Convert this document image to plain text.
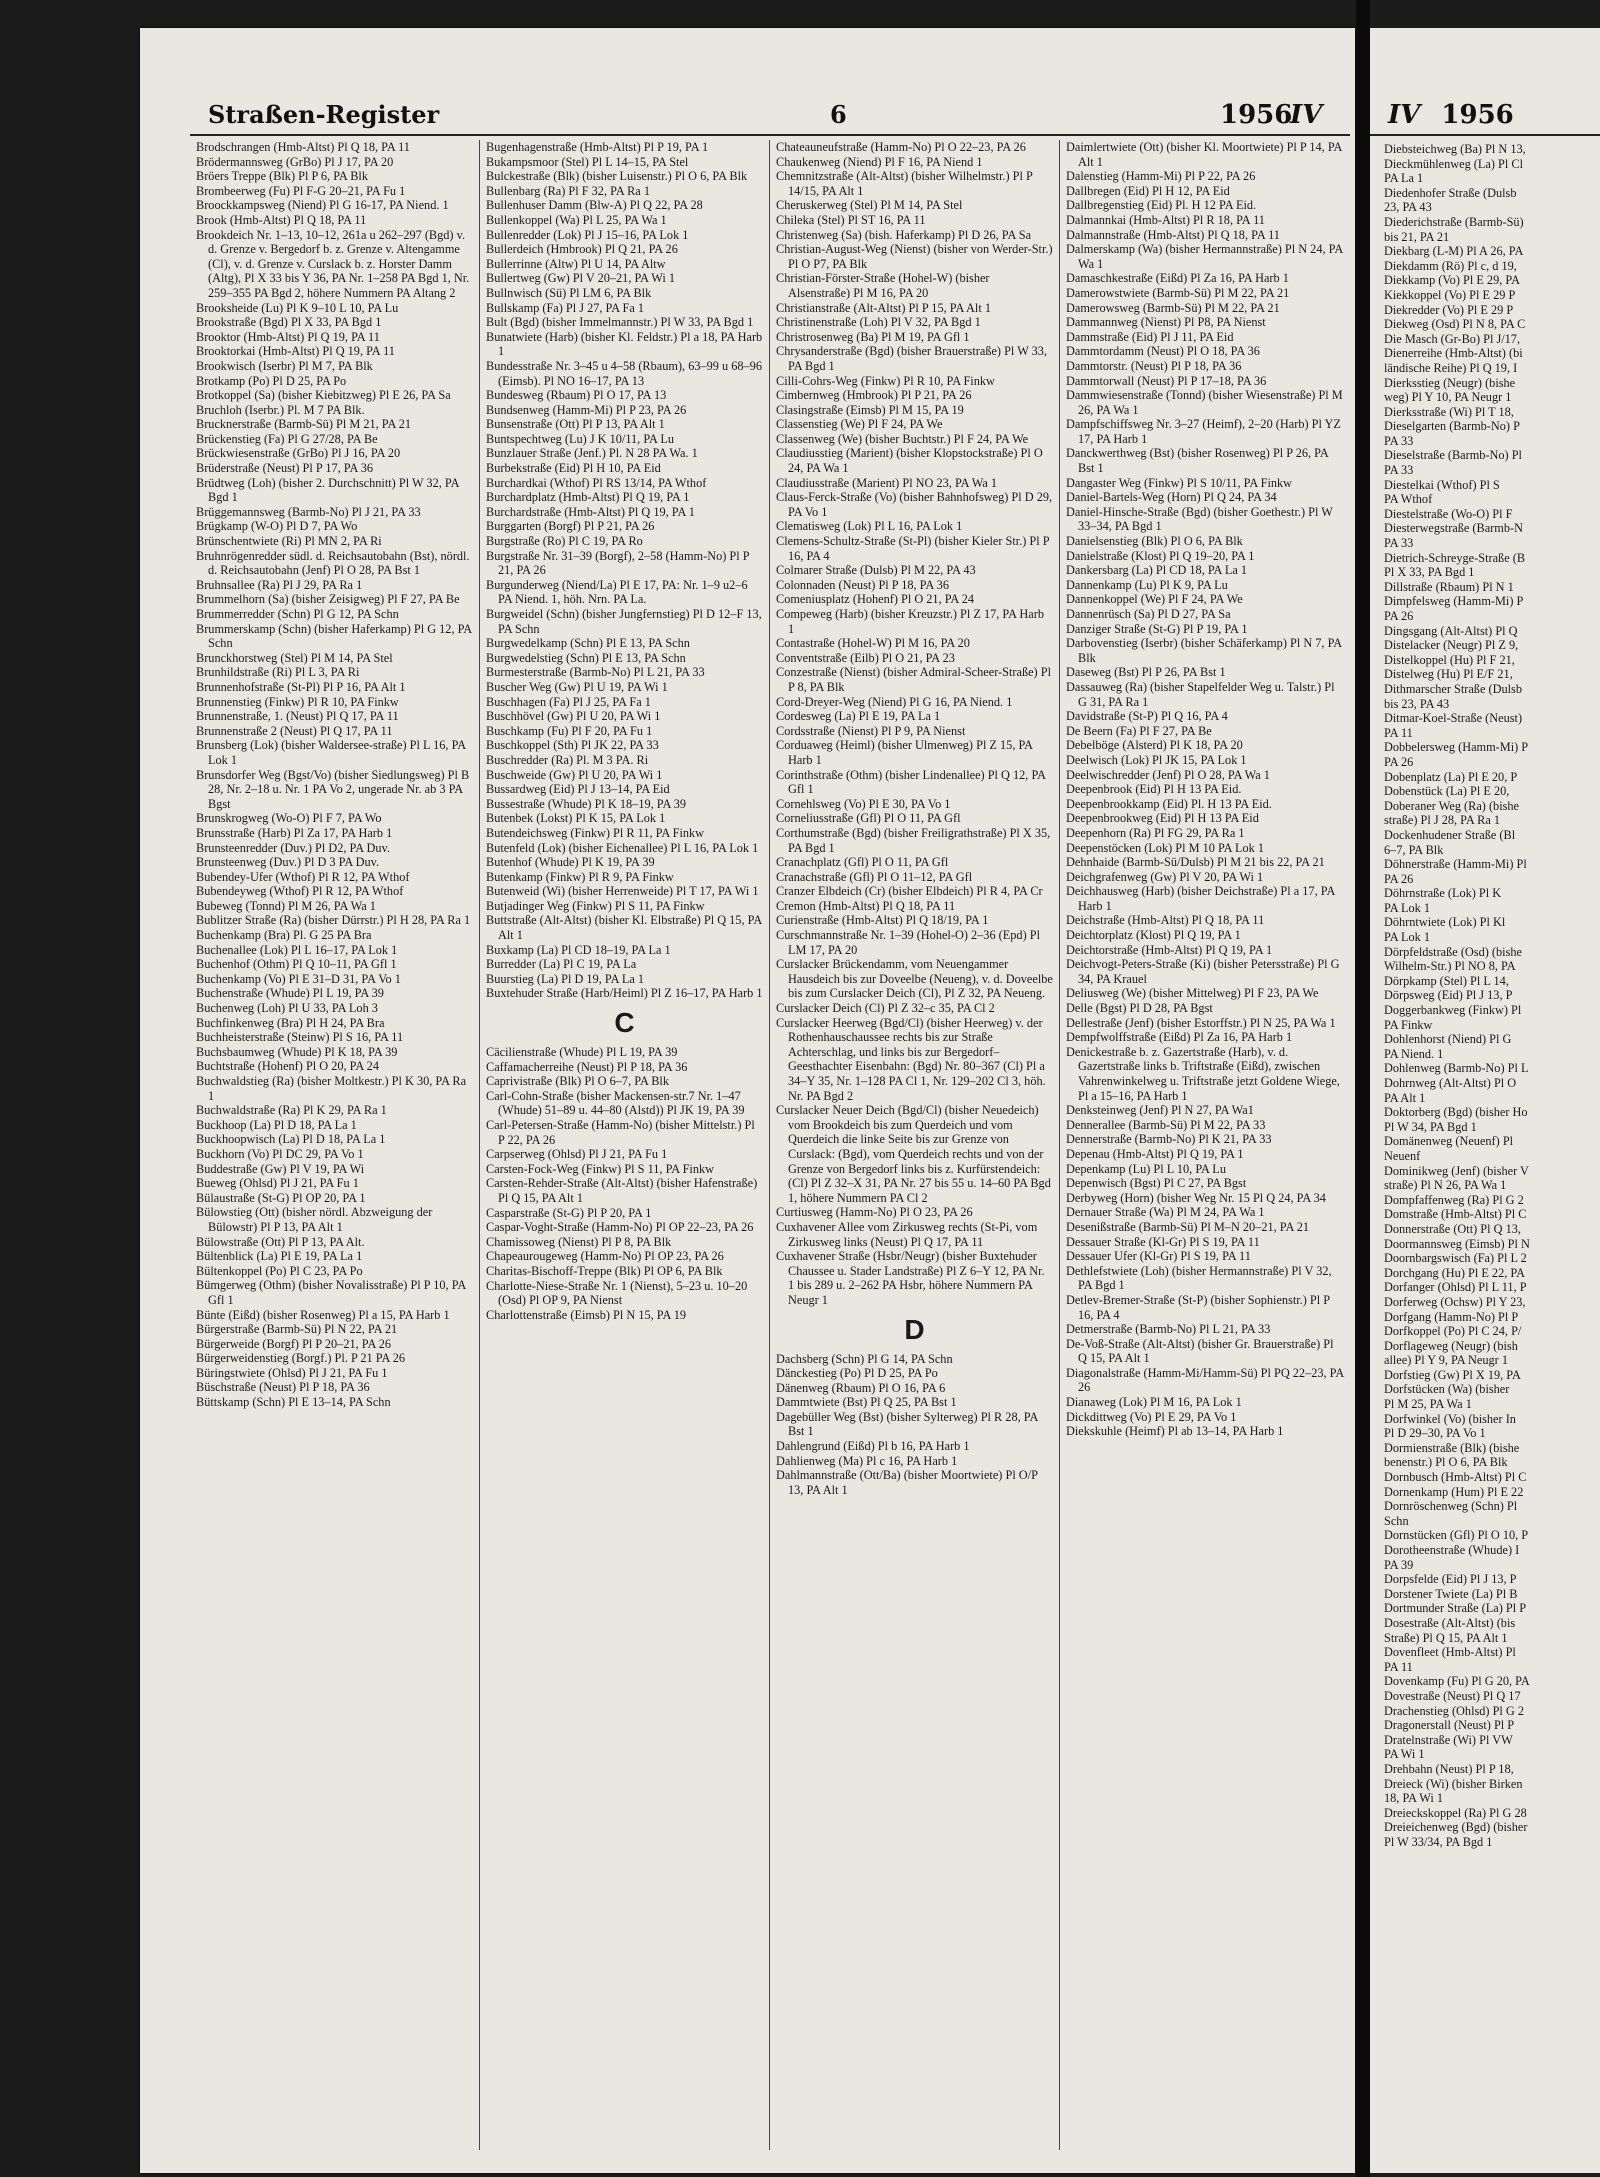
Straßen-Register	6	1956
IV

Brodschrangen (Hmb-Altst) Pl Q 18, PA 11

Brödermannsweg (GrBo) Pl J 17, PA 20

Bröers Treppe (Blk) Pl P 6, PA Blk

Brombeerweg (Fu) Pl F-G 20–21, PA Fu 1

Broockkampsweg (Niend) Pl G 16-17, PA Niend. 1

Brook (Hmb-Altst) Pl Q 18, PA 11

Brookdeich Nr. 1–13, 10–12, 261a u 262–297 (Bgd) v. d. Grenze v. Bergedorf b. z. Grenze v. Altengamme (Cl), v. d. Grenze v. Curslack b. z. Horster Damm (Altg), Pl X 33 bis Y 36, PA Nr. 1–258 PA Bgd 1, Nr. 259–355 PA Bgd 2, höhere Nummern PA Altang 2

Brooksheide (Lu) Pl K 9–10 L 10, PA Lu

Brookstraße (Bgd) Pl X 33, PA Bgd 1

Brooktor (Hmb-Altst) Pl Q 19, PA 11

Brooktorkai (Hmb-Altst) Pl Q 19, PA 11

Brookwisch (Iserbr) Pl M 7, PA Blk

Brotkamp (Po) Pl D 25, PA Po

Brotkoppel (Sa) (bisher Kiebitzweg) Pl E 26, PA Sa

Bruchloh (Iserbr.) Pl. M 7 PA Blk.

Brucknerstraße (Barmb-Sü) Pl M 21, PA 21

Brückenstieg (Fa) Pl G 27/28, PA Be

Brückwiesenstraße (GrBo) Pl J 16, PA 20

Brüderstraße (Neust) Pl P 17, PA 36

Brüdtweg (Loh) (bisher 2. Durchschnitt) Pl W 32, PA Bgd 1

Brüggemannsweg (Barmb-No) Pl J 21, PA 33

Brügkamp (W-O) Pl D 7, PA Wo

Brünschentwiete (Ri) Pl MN 2, PA Ri

Bruhnrögenredder südl. d. Reichsautobahn (Bst), nördl. d. Reichsautobahn (Jenf) Pl O 28, PA Bst 1

Bruhnsallee (Ra) Pl J 29, PA Ra 1

Brummelhorn (Sa) (bisher Zeisigweg) Pl F 27, PA Be

Brummerredder (Schn) Pl G 12, PA Schn

Brummerskamp (Schn) (bisher Haferkamp) Pl G 12, PA Schn

Brunckhorstweg (Stel) Pl M 14, PA Stel

Brunhildstraße (Ri) Pl L 3, PA Ri

Brunnenhofstraße (St-Pl) Pl P 16, PA Alt 1

Brunnenstieg (Finkw) Pl R 10, PA Finkw

Brunnenstraße, 1. (Neust) Pl Q 17, PA 11

Brunnenstraße 2 (Neust) Pl Q 17, PA 11

Brunsberg (Lok) (bisher Waldersee-straße) Pl L 16, PA Lok 1

Brunsdorfer Weg (Bgst/Vo) (bisher Siedlungsweg) Pl B 28, Nr. 2–18 u. Nr. 1 PA Vo 2, ungerade Nr. ab 3 PA Bgst

Brunskrogweg (Wo-O) Pl F 7, PA Wo

Brunsstraße (Harb) Pl Za 17, PA Harb 1

Brunsteenredder (Duv.) Pl D2, PA Duv.

Brunsteenweg (Duv.) Pl D 3 PA Duv.

Bubendey-Ufer (Wthof) Pl R 12, PA Wthof

Bubendeyweg (Wthof) Pl R 12, PA Wthof

Bubeweg (Tonnd) Pl M 26, PA Wa 1

Bublitzer Straße (Ra) (bisher Dürrstr.) Pl H 28, PA Ra 1

Buchenkamp (Bra) Pl. G 25 PA Bra

Buchenallee (Lok) Pl L 16–17, PA Lok 1

Buchenhof (Othm) Pl Q 10–11, PA Gfl 1

Buchenkamp (Vo) Pl E 31–D 31, PA Vo 1

Buchenstraße (Whude) Pl L 19, PA 39

Buchenweg (Loh) Pl U 33, PA Loh 3

Buchfinkenweg (Bra) Pl H 24, PA Bra

Buchheisterstraße (Steinw) Pl S 16, PA 11

Buchsbaumweg (Whude) Pl K 18, PA 39

Buchtstraße (Hohenf) Pl O 20, PA 24

Buchwaldstieg (Ra) (bisher Moltkestr.) Pl K 30, PA Ra 1

Buchwaldstraße (Ra) Pl K 29, PA Ra 1

Buckhoop (La) Pl D 18, PA La 1

Buckhoopwisch (La) Pl D 18, PA La 1

Buckhorn (Vo) Pl DC 29, PA Vo 1

Buddestraße (Gw) Pl V 19, PA Wi

Bueweg (Ohlsd) Pl J 21, PA Fu 1

Bülaustraße (St-G) Pl OP 20, PA 1

Bülowstieg (Ott) (bisher nördl. Abzweigung der Bülowstr) Pl P 13, PA Alt 1

Bülowstraße (Ott) Pl P 13, PA Alt.

Bültenblick (La) Pl E 19, PA La 1

Bültenkoppel (Po) Pl C 23, PA Po

Bümgerweg (Othm) (bisher Novalisstraße) Pl P 10, PA Gfl 1

Bünte (Eißd) (bisher Rosenweg) Pl a 15, PA Harb 1

Bürgerstraße (Barmb-Sü) Pl N 22, PA 21

Bürgerweide (Borgf) Pl P 20–21, PA 26

Bürgerweidenstieg (Borgf.) Pl. P 21 PA 26

Büringstwiete (Ohlsd) Pl J 21, PA Fu 1

Büschstraße (Neust) Pl P 18, PA 36

Büttskamp (Schn) Pl E 13–14, PA Schn

Bugenhagenstraße (Hmb-Altst) Pl P 19, PA 1

Bukampsmoor (Stel) Pl L 14–15, PA Stel

Bulckestraße (Blk) (bisher Luisenstr.) Pl O 6, PA Blk

Bullenbarg (Ra) Pl F 32, PA Ra 1

Bullenhuser Damm (Blw-A) Pl Q 22, PA 28

Bullenkoppel (Wa) Pl L 25, PA Wa 1

Bullenredder (Lok) Pl J 15–16, PA Lok 1

Bullerdeich (Hmbrook) Pl Q 21, PA 26

Bullerrinne (Altw) Pl U 14, PA Altw

Bullertweg (Gw) Pl V 20–21, PA Wi 1

Bullnwisch (Sü) Pl LM 6, PA Blk

Bullskamp (Fa) Pl J 27, PA Fa 1

Bult (Bgd) (bisher Immelmannstr.) Pl W 33, PA Bgd 1

Bunatwiete (Harb) (bisher Kl. Feldstr.) Pl a 18, PA Harb 1

Bundesstraße Nr. 3–45 u 4–58 (Rbaum), 63–99 u 68–96 (Eimsb). Pl NO 16–17, PA 13

Bundesweg (Rbaum) Pl O 17, PA 13

Bundsenweg (Hamm-Mi) Pl P 23, PA 26

Bunsenstraße (Ott) Pl P 13, PA Alt 1

Buntspechtweg (Lu) J K 10/11, PA Lu

Bunzlauer Straße (Jenf.) Pl. N 28 PA Wa. 1

Burbekstraße (Eid) Pl H 10, PA Eid

Burchardkai (Wthof) Pl RS 13/14, PA Wthof

Burchardplatz (Hmb-Altst) Pl Q 19, PA 1

Burchardstraße (Hmb-Altst) Pl Q 19, PA 1

Burggarten (Borgf) Pl P 21, PA 26

Burgstraße (Ro) Pl C 19, PA Ro

Burgstraße Nr. 31–39 (Borgf), 2–58 (Hamm-No) Pl P 21, PA 26

Burgunderweg (Niend/La) Pl E 17, PA: Nr. 1–9 u2–6 PA Niend. 1, höh. Nrn. PA La.

Burgweidel (Schn) (bisher Jungfernstieg) Pl D 12–F 13, PA Schn

Burgwedelkamp (Schn) Pl E 13, PA Schn

Burgwedelstieg (Schn) Pl E 13, PA Schn

Burmesterstraße (Barmb-No) Pl L 21, PA 33

Buscher Weg (Gw) Pl U 19, PA Wi 1

Buschhagen (Fa) Pl J 25, PA Fa 1

Buschhövel (Gw) Pl U 20, PA Wi 1

Buschkamp (Fu) Pl F 20, PA Fu 1

Buschkoppel (Sth) Pl JK 22, PA 33

Buschredder (Ra) Pl. M 3 PA. Ri

Buschweide (Gw) Pl U 20, PA Wi 1

Bussardweg (Eid) Pl J 13–14, PA Eid

Bussestraße (Whude) Pl K 18–19, PA 39

Butenbek (Lokst) Pl K 15, PA Lok 1

Butendeichsweg (Finkw) Pl R 11, PA Finkw

Butenfeld (Lok) (bisher Eichenallee) Pl L 16, PA Lok 1

Butenhof (Whude) Pl K 19, PA 39

Butenkamp (Finkw) Pl R 9, PA Finkw

Butenweid (Wi) (bisher Herrenweide) Pl T 17, PA Wi 1

Butjadinger Weg (Finkw) Pl S 11, PA Finkw

Buttstraße (Alt-Altst) (bisher Kl. Elbstraße) Pl Q 15, PA Alt 1

Buxkamp (La) Pl CD 18–19, PA La 1

Burredder (La) Pl C 19, PA La

Buurstieg (La) Pl D 19, PA La 1

Buxtehuder Straße (Harb/Heiml) Pl Z 16–17, PA Harb 1

C

Cäcilienstraße (Whude) Pl L 19, PA 39

Caffamacherreihe (Neust) Pl P 18, PA 36

Caprivistraße (Blk) Pl O 6–7, PA Blk

Carl-Cohn-Straße (bisher Mackensen-str.7 Nr. 1–47 (Whude) 51–89 u. 44–80 (Alstd)) Pl JK 19, PA 39

Carl-Petersen-Straße (Hamm-No) (bisher Mittelstr.) Pl P 22, PA 26

Carpserweg (Ohlsd) Pl J 21, PA Fu 1

Carsten-Fock-Weg (Finkw) Pl S 11, PA Finkw

Carsten-Rehder-Straße (Alt-Altst) (bisher Hafenstraße) Pl Q 15, PA Alt 1

Casparstraße (St-G) Pl P 20, PA 1

Caspar-Voght-Straße (Hamm-No) Pl OP 22–23, PA 26

Chamissoweg (Nienst) Pl P 8, PA Blk

Chapeaurougeweg (Hamm-No) Pl OP 23, PA 26

Charitas-Bischoff-Treppe (Blk) Pl OP 6, PA Blk

Charlotte-Niese-Straße Nr. 1 (Nienst), 5–23 u. 10–20 (Osd) Pl OP 9, PA Nienst

Charlottenstraße (Eimsb) Pl N 15, PA 19

Chateauneufstraße (Hamm-No) Pl O 22–23, PA 26

Chaukenweg (Niend) Pl F 16, PA Niend 1

Chemnitzstraße (Alt-Altst) (bisher Wilhelmstr.) Pl P 14/15, PA Alt 1

Cheruskerweg (Stel) Pl M 14, PA Stel

Chileka (Stel) Pl ST 16, PA 11

Christenweg (Sa) (bish. Haferkamp) Pl D 26, PA Sa

Christian-August-Weg (Nienst) (bisher von Werder-Str.) Pl O P7, PA Blk

Christian-Förster-Straße (Hohel-W) (bisher Alsenstraße) Pl M 16, PA 20

Christianstraße (Alt-Altst) Pl P 15, PA Alt 1

Christinenstraße (Loh) Pl V 32, PA Bgd 1

Christrosenweg (Ba) Pl M 19, PA Gfl 1

Chrysanderstraße (Bgd) (bisher Brauerstraße) Pl W 33, PA Bgd 1

Cilli-Cohrs-Weg (Finkw) Pl R 10, PA Finkw

Cimbernweg (Hmbrook) Pl P 21, PA 26

Clasingstraße (Eimsb) Pl M 15, PA 19

Classenstieg (We) Pl F 24, PA We

Classenweg (We) (bisher Buchtstr.) Pl F 24, PA We

Claudiusstieg (Marient) (bisher Klopstockstraße) Pl O 24, PA Wa 1

Claudiusstraße (Marient) Pl NO 23, PA Wa 1

Claus-Ferck-Straße (Vo) (bisher Bahnhofsweg) Pl D 29, PA Vo 1

Clematisweg (Lok) Pl L 16, PA Lok 1

Clemens-Schultz-Straße (St-Pl) (bisher Kieler Str.) Pl P 16, PA 4

Colmarer Straße (Dulsb) Pl M 22, PA 43

Colonnaden (Neust) Pl P 18, PA 36

Comeniusplatz (Hohenf) Pl O 21, PA 24

Compeweg (Harb) (bisher Kreuzstr.) Pl Z 17, PA Harb 1

Contastraße (Hohel-W) Pl M 16, PA 20

Conventstraße (Eilb) Pl O 21, PA 23

Conzestraße (Nienst) (bisher Admiral-Scheer-Straße) Pl P 8, PA Blk

Cord-Dreyer-Weg (Niend) Pl G 16, PA Niend. 1

Cordesweg (La) Pl E 19, PA La 1

Cordsstraße (Nienst) Pl P 9, PA Nienst

Corduaweg (Heiml) (bisher Ulmenweg) Pl Z 15, PA Harb 1

Corinthstraße (Othm) (bisher Lindenallee) Pl Q 12, PA Gfl 1

Cornehlsweg (Vo) Pl E 30, PA Vo 1

Corneliusstraße (Gfl) Pl O 11, PA Gfl

Corthumstraße (Bgd) (bisher Freiligrathstraße) Pl X 35, PA Bgd 1

Cranachplatz (Gfl) Pl O 11, PA Gfl

Cranachstraße (Gfl) Pl O 11–12, PA Gfl

Cranzer Elbdeich (Cr) (bisher Elbdeich) Pl R 4, PA Cr

Cremon (Hmb-Altst) Pl Q 18, PA 11

Curienstraße (Hmb-Altst) Pl Q 18/19, PA 1

Curschmannstraße Nr. 1–39 (Hohel-O) 2–36 (Epd) Pl LM 17, PA 20

Curslacker Brückendamm, vom Neuengammer Hausdeich bis zur Doveelbe (Neueng), v. d. Doveelbe bis zum Curslacker Deich (Cl), Pl Z 32, PA Neueng.

Curslacker Deich (Cl) Pl Z 32–c 35, PA Cl 2

Curslacker Heerweg (Bgd/Cl) (bisher Heerweg) v. der Rothenhauschaussee rechts bis zur Straße Achterschlag, und links bis zur Bergedorf–Geesthachter Eisenbahn: (Bgd) Nr. 80–367 (Cl) Pl a 34–Y 35, Nr. 1–128 PA Cl 1, Nr. 129–202 Cl 3, höh. Nr. PA Bgd 2

Curslacker Neuer Deich (Bgd/Cl) (bisher Neuedeich) vom Brookdeich bis zum Querdeich und vom Querdeich die linke Seite bis zur Grenze von Curslack: (Bgd), vom Querdeich rechts und von der Grenze von Bergedorf links bis z. Kurfürstendeich: (Cl) Pl Z 32–X 31, PA Nr. 27 bis 55 u. 14–60 PA Bgd 1, höhere Nummern PA Cl 2

Curtiusweg (Hamm-No) Pl O 23, PA 26

Cuxhavener Allee vom Zirkusweg rechts (St-Pi, vom Zirkusweg links (Neust) Pl Q 17, PA 11

Cuxhavener Straße (Hsbr/Neugr) (bisher Buxtehuder Chaussee u. Stader Landstraße) Pl Z 6–Y 12, PA Nr. 1 bis 289 u. 2–262 PA Hsbr, höhere Nummern PA Neugr 1

D

Dachsberg (Schn) Pl G 14, PA Schn

Dänckestieg (Po) Pl D 25, PA Po

Dänenweg (Rbaum) Pl O 16, PA 6

Dammtwiete (Bst) Pl Q 25, PA Bst 1

Dagebüller Weg (Bst) (bisher Sylterweg) Pl R 28, PA Bst 1

Dahlengrund (Eißd) Pl b 16, PA Harb 1

Dahlienweg (Ma) Pl c 16, PA Harb 1

Dahlmannstraße (Ott/Ba) (bisher Moortwiete) Pl O/P 13, PA Alt 1

Daimlertwiete (Ott) (bisher Kl. Moortwiete) Pl P 14, PA Alt 1

Dalenstieg (Hamm-Mi) Pl P 22, PA 26

Dallbregen (Eid) Pl H 12, PA Eid

Dallbregenstieg (Eid) Pl. H 12 PA Eid.

Dalmannkai (Hmb-Altst) Pl R 18, PA 11

Dalmannstraße (Hmb-Altst) Pl Q 18, PA 11

Dalmerskamp (Wa) (bisher Hermannstraße) Pl N 24, PA Wa 1

Damaschkestraße (Eißd) Pl Za 16, PA Harb 1

Damerowstwiete (Barmb-Sü) Pl M 22, PA 21

Damerowsweg (Barmb-Sü) Pl M 22, PA 21

Dammannweg (Nienst) Pl P8, PA Nienst

Dammstraße (Eid) Pl J 11, PA Eid

Dammtordamm (Neust) Pl O 18, PA 36

Dammtorstr. (Neust) Pl P 18, PA 36

Dammtorwall (Neust) Pl P 17–18, PA 36

Dammwiesenstraße (Tonnd) (bisher Wiesenstraße) Pl M 26, PA Wa 1

Dampfschiffsweg Nr. 3–27 (Heimf), 2–20 (Harb) Pl YZ 17, PA Harb 1

Danckwerthweg (Bst) (bisher Rosenweg) Pl P 26, PA Bst 1

Dangaster Weg (Finkw) Pl S 10/11, PA Finkw

Daniel-Bartels-Weg (Horn) Pl Q 24, PA 34

Daniel-Hinsche-Straße (Bgd) (bisher Goethestr.) Pl W 33–34, PA Bgd 1

Danielsenstieg (Blk) Pl O 6, PA Blk

Danielstraße (Klost) Pl Q 19–20, PA 1

Dankersbarg (La) Pl CD 18, PA La 1

Dannenkamp (Lu) Pl K 9, PA Lu

Dannenkoppel (We) Pl F 24, PA We

Dannenrüsch (Sa) Pl D 27, PA Sa

Danziger Straße (St-G) Pl P 19, PA 1

Darbovenstieg (Iserbr) (bisher Schäferkamp) Pl N 7, PA Blk

Daseweg (Bst) Pl P 26, PA Bst 1

Dassauweg (Ra) (bisher Stapelfelder Weg u. Talstr.) Pl G 31, PA Ra 1

Davidstraße (St-P) Pl Q 16, PA 4

De Beern (Fa) Pl F 27, PA Be

Debelböge (Alsterd) Pl K 18, PA 20

Deelwisch (Lok) Pl JK 15, PA Lok 1

Deelwischredder (Jenf) Pl O 28, PA Wa 1

Deepenbrook (Eid) Pl H 13 PA Eid.

Deepenbrookkamp (Eid) Pl. H 13 PA Eid.

Deepenbrookweg (Eid) Pl H 13 PA Eid

Deepenhorn (Ra) Pl FG 29, PA Ra 1

Deepenstöcken (Lok) Pl M 10 PA Lok 1

Dehnhaide (Barmb-Sü/Dulsb) Pl M 21 bis 22, PA 21

Deichgrafenweg (Gw) Pl V 20, PA Wi 1

Deichhausweg (Harb) (bisher Deichstraße) Pl a 17, PA Harb 1

Deichstraße (Hmb-Altst) Pl Q 18, PA 11

Deichtorplatz (Klost) Pl Q 19, PA 1

Deichtorstraße (Hmb-Altst) Pl Q 19, PA 1

Deichvogt-Peters-Straße (Ki) (bisher Petersstraße) Pl G 34, PA Krauel

Deliusweg (We) (bisher Mittelweg) Pl F 23, PA We

Delle (Bgst) Pl D 28, PA Bgst

Dellestraße (Jenf) (bisher Estorffstr.) Pl N 25, PA Wa 1

Dempfwolffstraße (Eißd) Pl Za 16, PA Harb 1

Denickestraße b. z. Gazertstraße (Harb), v. d. Gazertstraße links b. Triftstraße (Eißd), zwischen Vahrenwinkelweg u. Triftstraße jetzt Goldene Wiege, Pl a 15–16, PA Harb 1

Denksteinweg (Jenf) Pl N 27, PA Wa1

Dennerallee (Barmb-Sü) Pl M 22, PA 33

Dennerstraße (Barmb-No) Pl K 21, PA 33

Depenau (Hmb-Altst) Pl Q 19, PA 1

Depenkamp (Lu) Pl L 10, PA Lu

Depenwisch (Bgst) Pl C 27, PA Bgst

Derbyweg (Horn) (bisher Weg Nr. 15 Pl Q 24, PA 34

Dernauer Straße (Wa) Pl M 24, PA Wa 1

Desenißstraße (Barmb-Sü) Pl M–N 20–21, PA 21

Dessauer Straße (Kl-Gr) Pl S 19, PA 11

Dessauer Ufer (Kl-Gr) Pl S 19, PA 11

Dethlefstwiete (Loh) (bisher Hermannstraße) Pl V 32, PA Bgd 1

Detlev-Bremer-Straße (St-P) (bisher Sophienstr.) Pl P 16, PA 4

Detmerstraße (Barmb-No) Pl L 21, PA 33

De-Voß-Straße (Alt-Altst) (bisher Gr. Brauerstraße) Pl Q 15, PA Alt 1

Diagonalstraße (Hamm-Mi/Hamm-Sü) Pl PQ 22–23, PA 26

Dianaweg (Lok) Pl M 16, PA Lok 1

Dickdittweg (Vo) Pl E 29, PA Vo 1

Diekskuhle (Heimf) Pl ab 13–14, PA Harb 1

IV 1956

Diebsteichweg (Ba) Pl N 13,

Dieckmühlenweg (La) Pl Cl

PA La 1

Diedenhofer Straße (Dulsb

23, PA 43

Diederichstraße (Barmb-Sü)

bis 21, PA 21

Diekbarg (L-M) Pl A 26, PA

Diekdamm (Rö) Pl c, d 19,

Diekkamp (Vo) Pl E 29, PA

Kiekkoppel (Vo) Pl E 29 P

Diekredder (Vo) Pl E 29 P

Diekweg (Osd) Pl N 8, PA C

Die Masch (Gr-Bo) Pl J/17,

Dienerreihe (Hmb-Altst) (bi

ländische Reihe) Pl Q 19, I

Dierksstieg (Neugr) (bishe

weg) Pl Y 10, PA Neugr 1

Dierksstraße (Wi) Pl T 18,

Dieselgarten (Barmb-No) P

PA 33

Dieselstraße (Barmb-No) Pl

PA 33

Diestelkai (Wthof) Pl S

PA Wthof

Diestelstraße (Wo-O) Pl F

Diesterwegstraße (Barmb-N

PA 33

Dietrich-Schreyge-Straße (B

Pl X 33, PA Bgd 1

Dillstraße (Rbaum) Pl N 1

Dimpfelsweg (Hamm-Mi) P

PA 26

Dingsgang (Alt-Altst) Pl Q

Distelacker (Neugr) Pl Z 9,

Distelkoppel (Hu) Pl F 21,

Distelweg (Hu) Pl E/F 21,

Dithmarscher Straße (Dulsb

bis 23, PA 43

Ditmar-Koel-Straße (Neust)

PA 11

Dobbelersweg (Hamm-Mi) P

PA 26

Dobenplatz (La) Pl E 20, P

Dobenstück (La) Pl E 20,

Doberaner Weg (Ra) (bishe

straße) Pl J 28, PA Ra 1

Dockenhudener Straße (Bl

6–7, PA Blk

Döhnerstraße (Hamm-Mi) Pl

PA 26

Döhrnstraße (Lok) Pl K

PA Lok 1

Döhrntwiete (Lok) Pl Kl

PA Lok 1

Dörpfeldstraße (Osd) (bishe

Wilhelm-Str.) Pl NO 8, PA

Dörpkamp (Stel) Pl L 14,

Dörpsweg (Eid) Pl J 13, P

Doggerbankweg (Finkw) Pl

PA Finkw

Dohlenhorst (Niend) Pl G

PA Niend. 1

Dohlenweg (Barmb-No) Pl L

Dohrnweg (Alt-Altst) Pl O

PA Alt 1

Doktorberg (Bgd) (bisher Ho

Pl W 34, PA Bgd 1

Domänenweg (Neuenf) Pl

Neuenf

Dominikweg (Jenf) (bisher V

straße) Pl N 26, PA Wa 1

Dompfaffenweg (Ra) Pl G 2

Domstraße (Hmb-Altst) Pl C

Donnerstraße (Ott) Pl Q 13,

Doormannsweg (Eimsb) Pl N

Doornbargswisch (Fa) Pl L 2

Dorchgang (Hu) Pl E 22, PA

Dorfanger (Ohlsd) Pl L 11, P

Dorferweg (Ochsw) Pl Y 23,

Dorfgang (Hamm-No) Pl P

Dorfkoppel (Po) Pl C 24, P/

Dorflageweg (Neugr) (bish

allee) Pl Y 9, PA Neugr 1

Dorfstieg (Gw) Pl X 19, PA

Dorfstücken (Wa) (bisher

Pl M 25, PA Wa 1

Dorfwinkel (Vo) (bisher In

Pl D 29–30, PA Vo 1

Dormienstraße (Blk) (bishe

benenstr.) Pl O 6, PA Blk

Dornbusch (Hmb-Altst) Pl C

Dornenkamp (Hum) Pl E 22

Dornröschenweg (Schn) Pl

Schn

Dornstücken (Gfl) Pl O 10, P

Dorotheenstraße (Whude) I

PA 39

Dorpsfelde (Eid) Pl J 13, P

Dorstener Twiete (La) Pl B

Dortmunder Straße (La) Pl P

Dosestraße (Alt-Altst) (bis

Straße) Pl Q 15, PA Alt 1

Dovenfleet (Hmb-Altst) Pl

PA 11

Dovenkamp (Fu) Pl G 20, PA

Dovestraße (Neust) Pl Q 17

Drachenstieg (Ohlsd) Pl G 2

Dragonerstall (Neust) Pl P

Dratelnstraße (Wi) Pl VW

PA Wi 1

Drehbahn (Neust) Pl P 18,

Dreieck (Wi) (bisher Birken

18, PA Wi 1

Dreieckskoppel (Ra) Pl G 28

Dreieichenweg (Bgd) (bisher

Pl W 33/34, PA Bgd 1
